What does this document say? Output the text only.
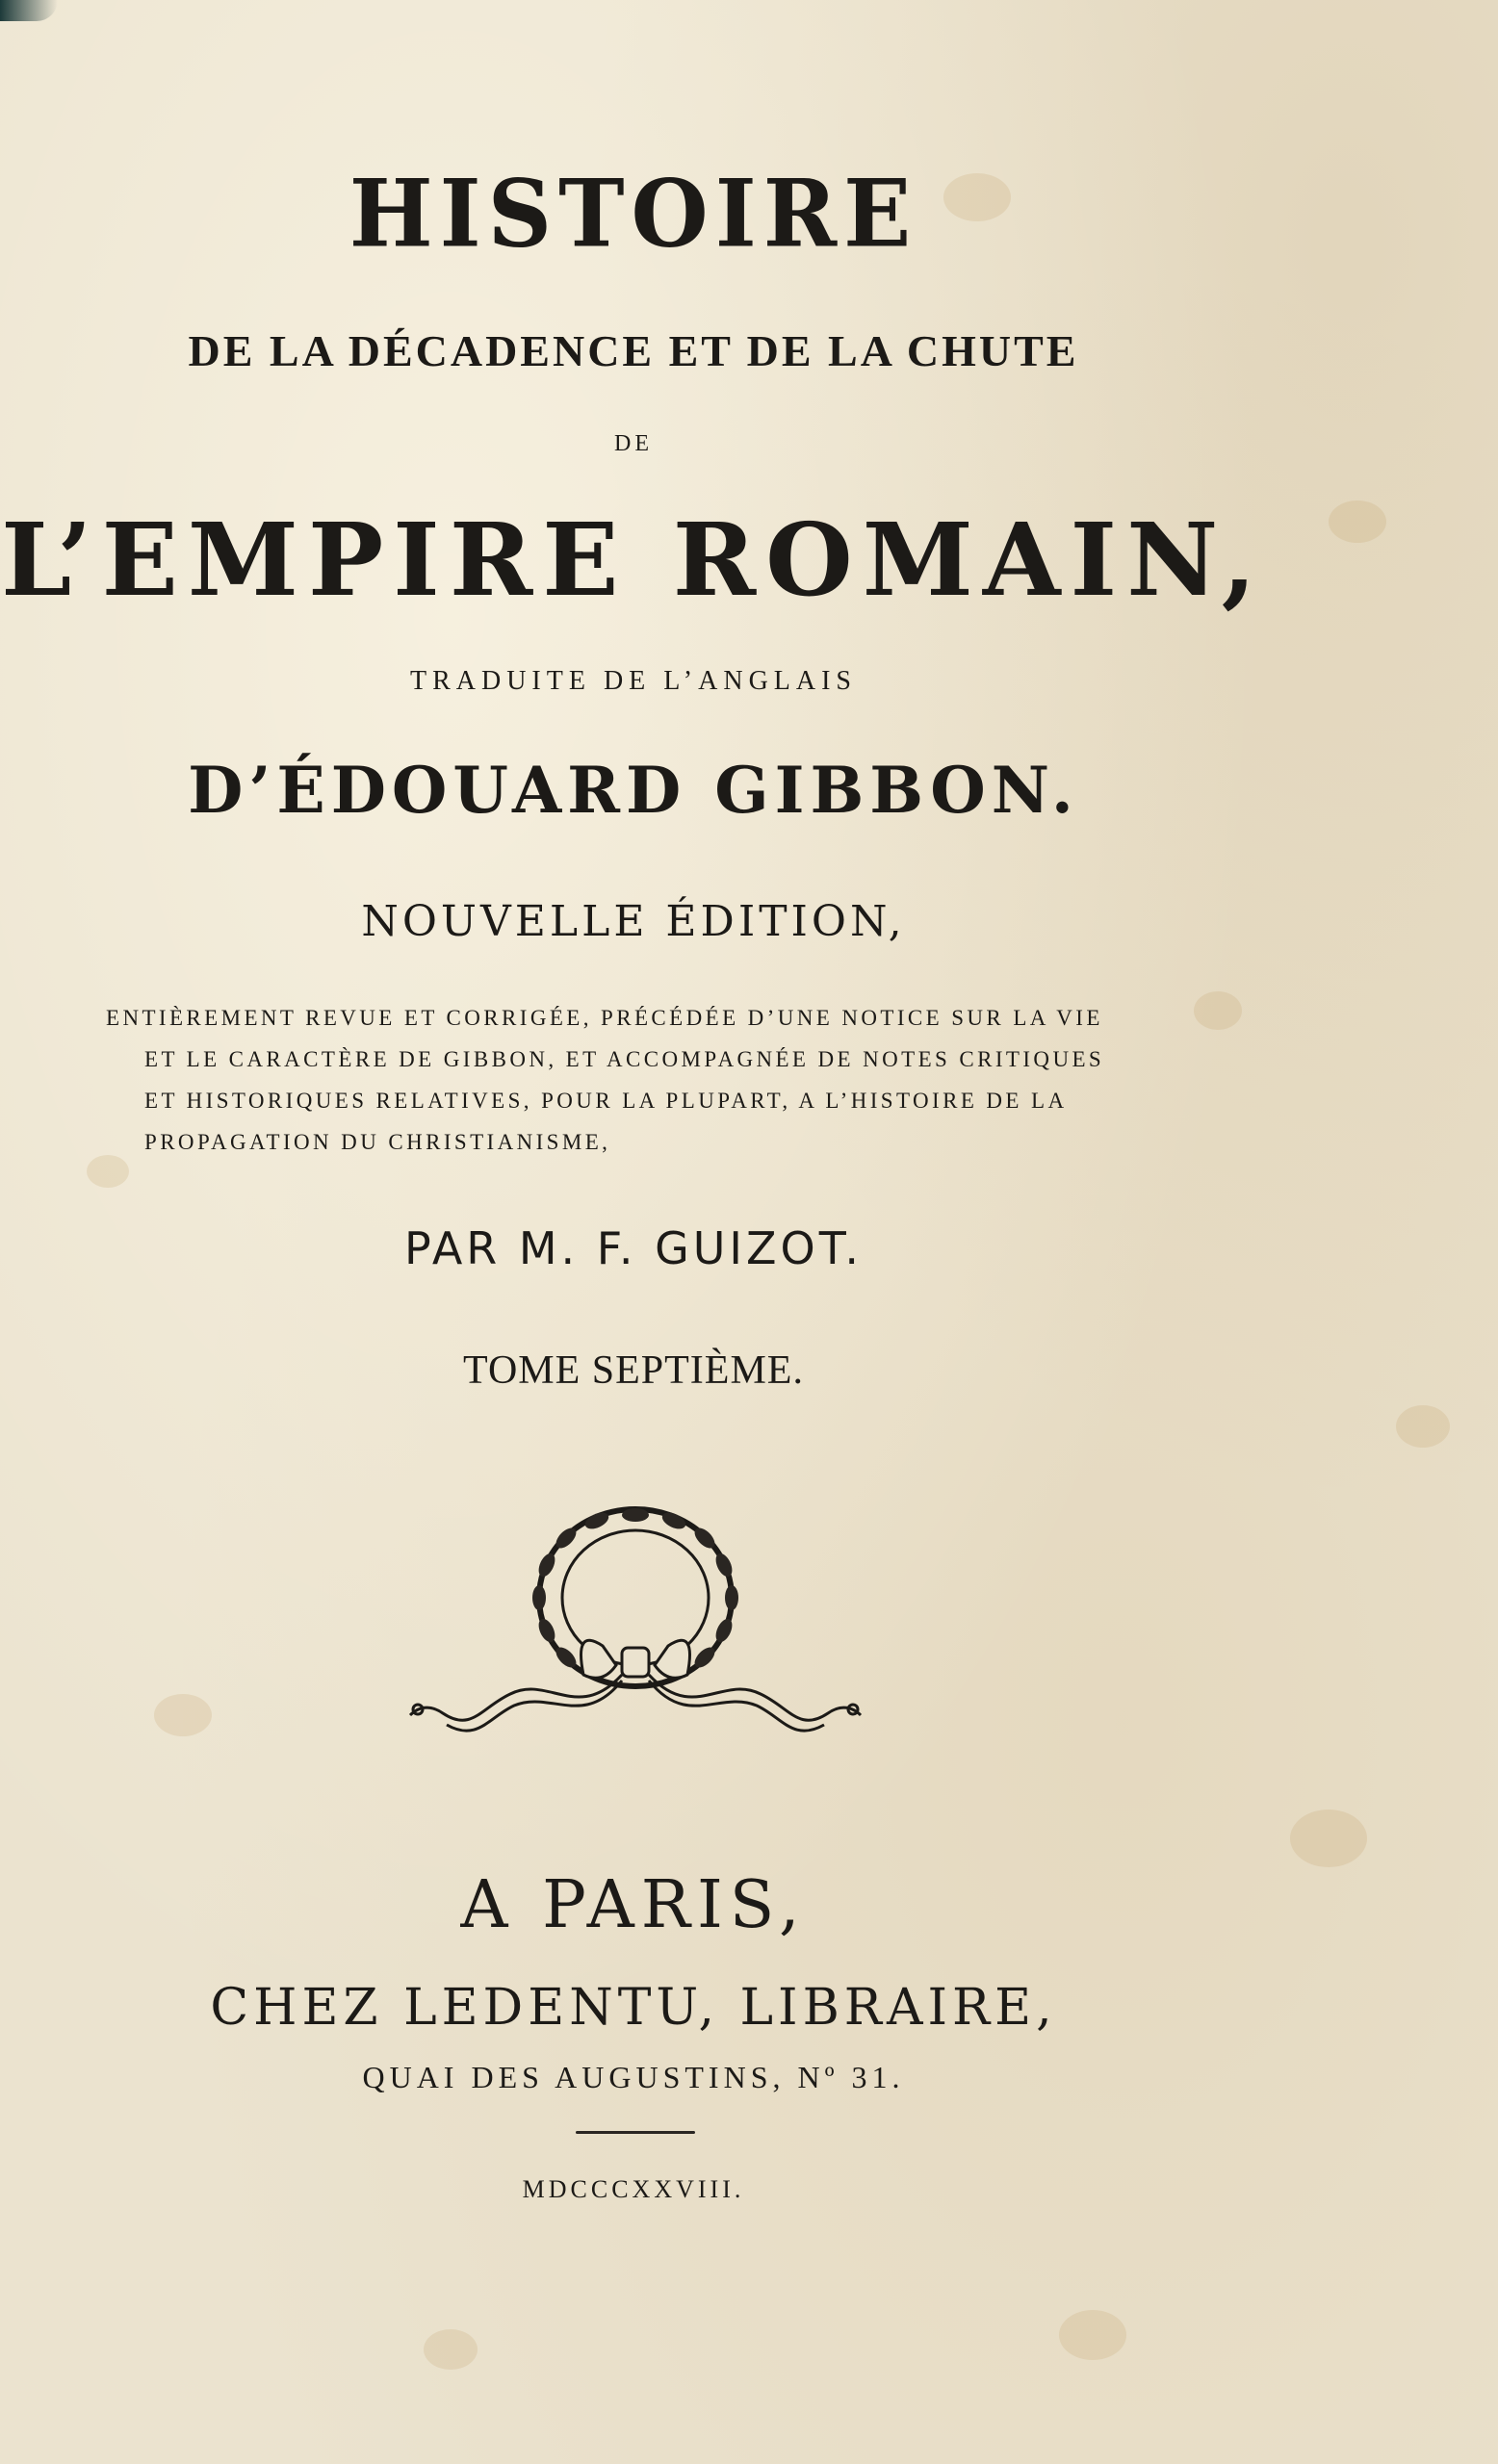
HISTOIRE

DE LA DÉCADENCE ET DE LA CHUTE

DE

L’EMPIRE ROMAIN,

TRADUITE DE L’ANGLAIS

D’ÉDOUARD GIBBON.

NOUVELLE ÉDITION,

ENTIÈREMENT REVUE ET CORRIGÉE, PRÉCÉDÉE D’UNE NOTICE SUR LA VIE
ET LE CARACTÈRE DE GIBBON, ET ACCOMPAGNÉE DE NOTES CRITIQUES
ET HISTORIQUES RELATIVES, POUR LA PLUPART, A L’HISTOIRE DE LA
PROPAGATION DU CHRISTIANISME,

PAR M. F. GUIZOT.

TOME SEPTIÈME.

A PARIS,

CHEZ LEDENTU, LIBRAIRE,

QUAI DES AUGUSTINS, Nº 31.

MDCCCXXVIII.
